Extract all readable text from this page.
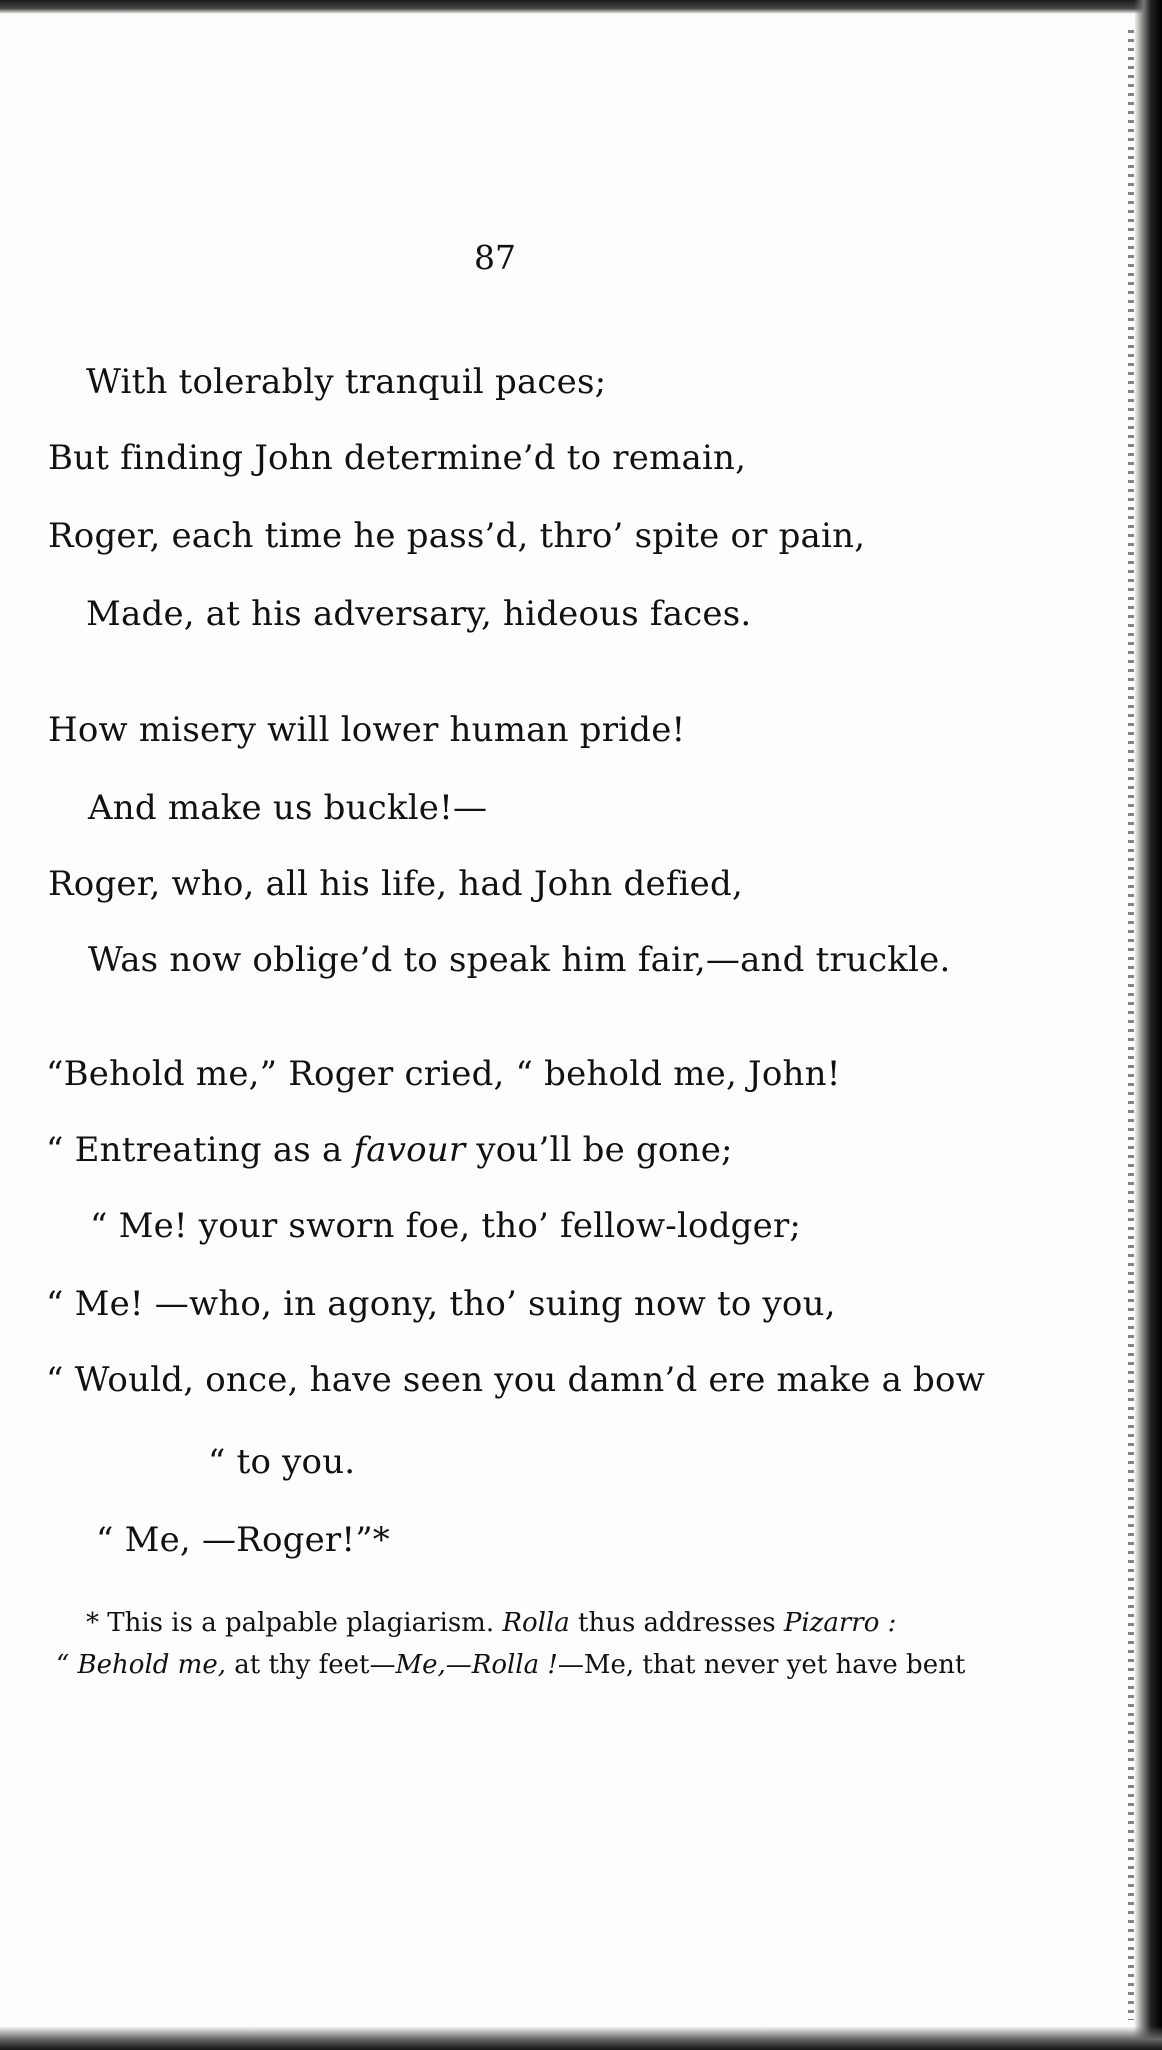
87
With tolerably tranquil paces;
But finding John determine’d to remain,
Roger, each time he pass’d, thro’ spite or pain,
Made, at his adversary, hideous faces.
How misery will lower human pride!
And make us buckle!—
Roger, who, all his life, had John defied,
Was now oblige’d to speak him fair,—and truckle.
“Behold me,” Roger cried, “ behold me, John!
“ Entreating as a favour you’ll be gone;
“ Me! your sworn foe, tho’ fellow-lodger;
“ Me! —who, in agony, tho’ suing now to you,
“ Would, once, have seen you damn’d ere make a bow
“ to you.
“ Me, —Roger!”*
* This is a palpable plagiarism. Rolla thus addresses Pizarro :
“ Behold me, at thy feet—Me,—Rolla !—Me, that never yet have bent
